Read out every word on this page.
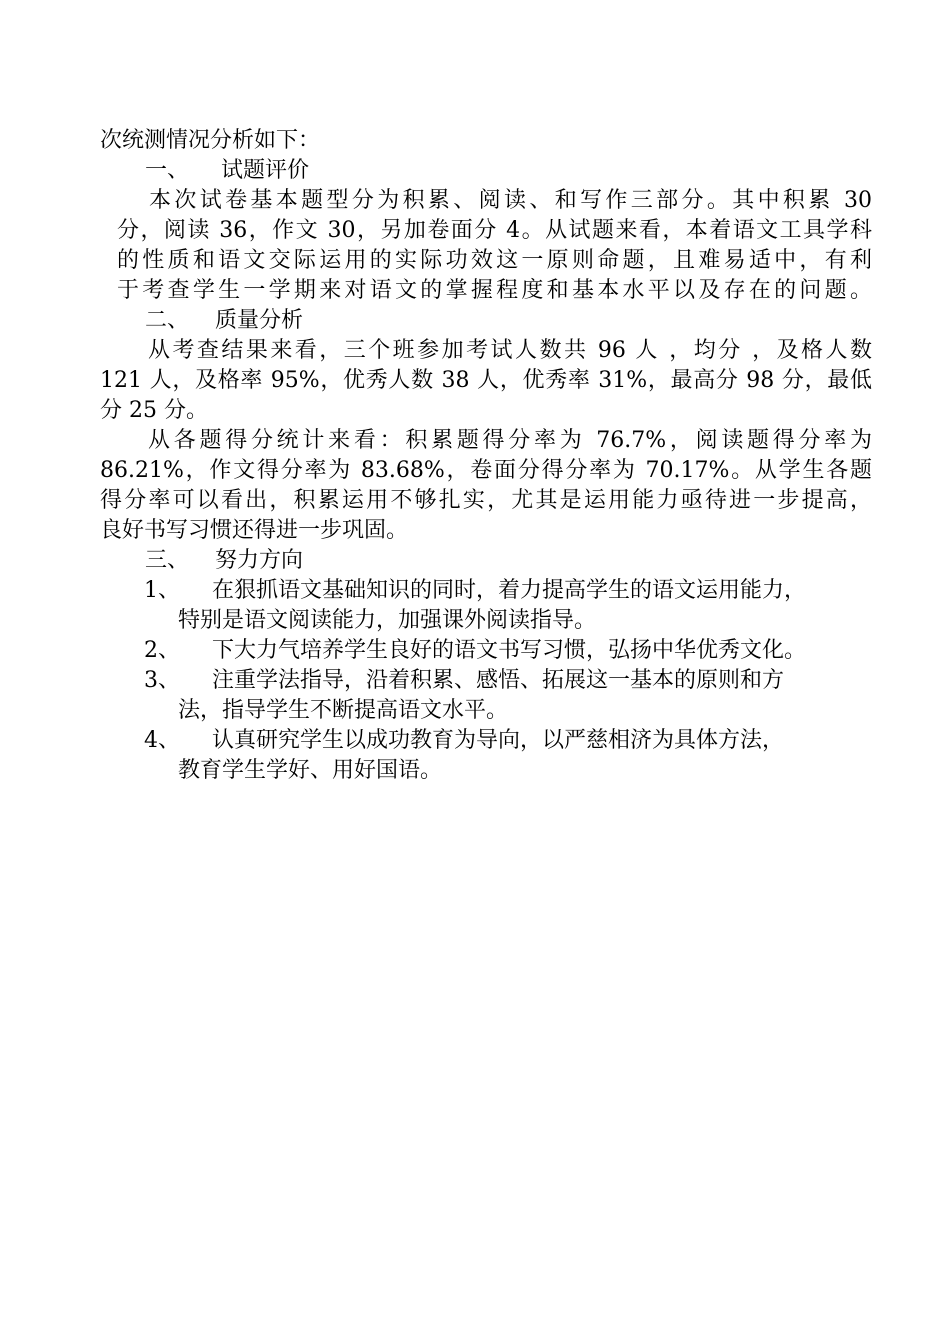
次统测情况分析如下：
一、 试题评价
本次试卷基本题型分为积累、阅读、和写作三部分。其中积累 30
分，阅读 36，作文 30，另加卷面分 4。从试题来看，本着语文工具学科
的性质和语文交际运用的实际功效这一原则命题，且难易适中，有利
于考查学生一学期来对语文的掌握程度和基本水平以及存在的问题。
二、 质量分析
从考查结果来看，三个班参加考试人数共 96 人 ，均分 ，及格人数
121 人，及格率 95%，优秀人数 38 人，优秀率 31%，最高分 98 分，最低
分 25 分。
从各题得分统计来看：积累题得分率为 76.7%，阅读题得分率为
86.21%，作文得分率为 83.68%，卷面分得分率为 70.17%。从学生各题
得分率可以看出，积累运用不够扎实，尤其是运用能力亟待进一步提高，
良好书写习惯还得进一步巩固。
三、 努力方向
1、 在狠抓语文基础知识的同时，着力提高学生的语文运用能力，
特别是语文阅读能力，加强课外阅读指导。
2、 下大力气培养学生良好的语文书写习惯，弘扬中华优秀文化。
3、 注重学法指导，沿着积累、感悟、拓展这一基本的原则和方
法，指导学生不断提高语文水平。
4、 认真研究学生以成功教育为导向，以严慈相济为具体方法，
教育学生学好、用好国语。
